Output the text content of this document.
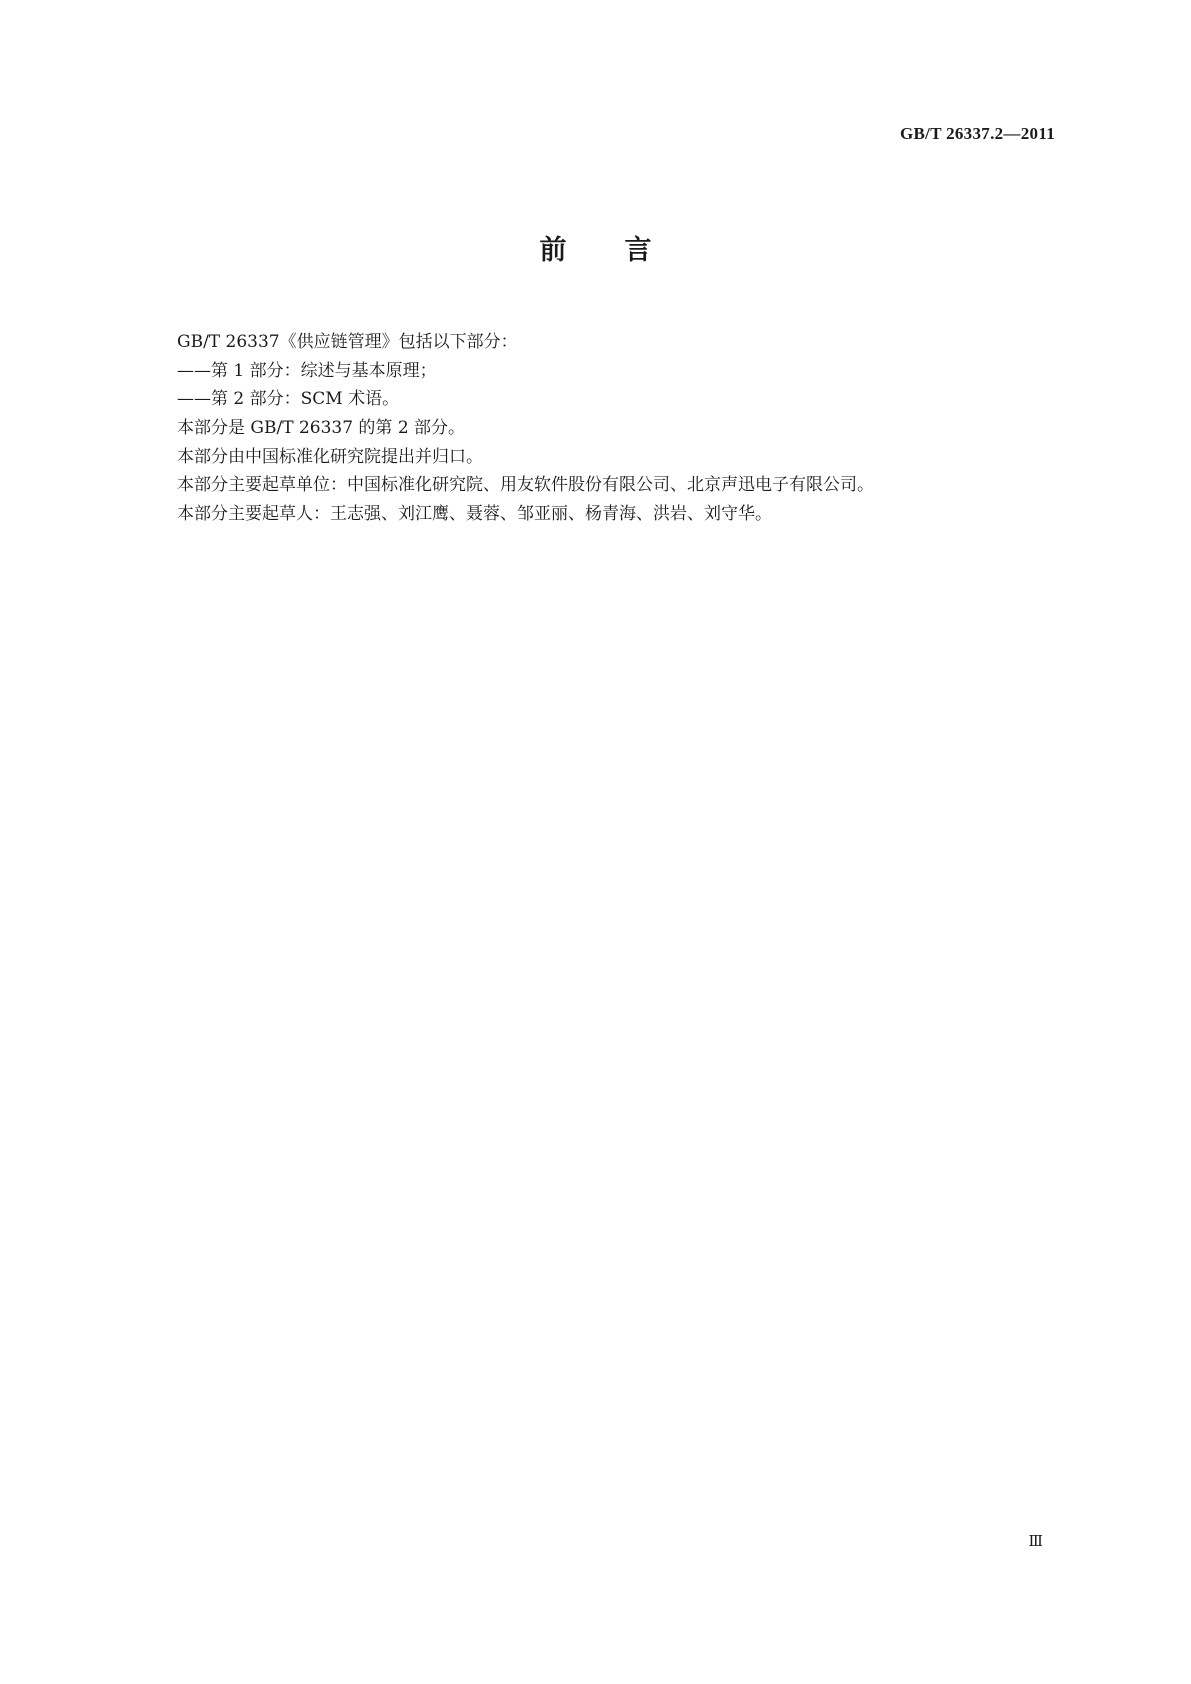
GB/T 26337.2—2011
前言
GB/T 26337《供应链管理》包括以下部分：
——第 1 部分：综述与基本原理；
——第 2 部分：SCM 术语。
本部分是 GB/T 26337 的第 2 部分。
本部分由中国标准化研究院提出并归口。
本部分主要起草单位：中国标准化研究院、用友软件股份有限公司、北京声迅电子有限公司。
本部分主要起草人：王志强、刘江鹰、聂蓉、邹亚丽、杨青海、洪岩、刘守华。
Ⅲ
